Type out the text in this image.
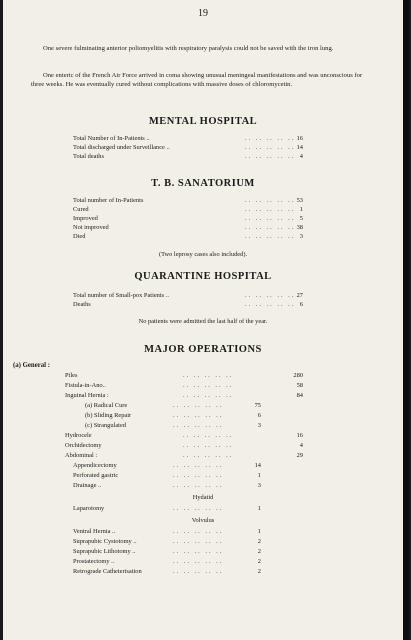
19

One severe fulminating anterior poliomyelitis with respiratory paralysis could not be saved with the iron lung.

One enteric of the French Air Force arrived in coma showing unusual meningeal manifestations and was unconscious for three weeks. He was eventually cured without complications with massive doses of chloromycetin.

MENTAL HOSPITAL
Total Number of In-Patients ..	.. .. .. .. .. 16
Total discharged under Surveillance ..	.. .. .. .. .. 14
Total deaths	.. .. .. .. .. 4
T. B. SANATORIUM
Total number of In-Patients	.. .. .. .. .. 53
Cured	.. .. .. .. .. 1
Improved	.. .. .. .. .. 5
Not improved	.. .. .. .. .. 38
Died	.. .. .. .. .. 3
(Two leprosy cases also included).
QUARANTINE HOSPITAL
Total number of Small-pox Patients ..	.. .. .. .. .. 27
Deaths	.. .. .. .. .. 6
No patients were admitted the last half of the year.
MAJOR OPERATIONS
(a) General :
Piles	.. .. .. .. ..	280
Fistula-in-Ano..	.. .. .. .. ..	58
Inguinal Hernia :	.. .. .. .. ..	84
(a) Radical Cure	.. .. .. .. ..	75
(b) Sliding Repair	.. .. .. .. ..	6
(c) Strangulated	.. .. .. .. ..	3
Hydrocele	.. .. .. .. ..	16
Orchidectomy	.. .. .. .. ..	4
Abdominal :	.. .. .. .. ..	29
Appendicectomy	.. .. .. .. ..	14
Perforated gastric	.. .. .. .. ..	1
Drainage ..	.. .. .. .. ..	3
Hydatid
Laparotomy	.. .. .. .. ..	1
Volvulus
Ventral Hernia ..	.. .. .. .. ..	1
Suprapubic Cystotomy ..	.. .. .. .. ..	2
Suprapubic Lithotomy ..	.. .. .. .. ..	2
Prostatectomy ..	.. .. .. .. ..	2
Retrograde Catheterisation	.. .. .. .. ..	2
